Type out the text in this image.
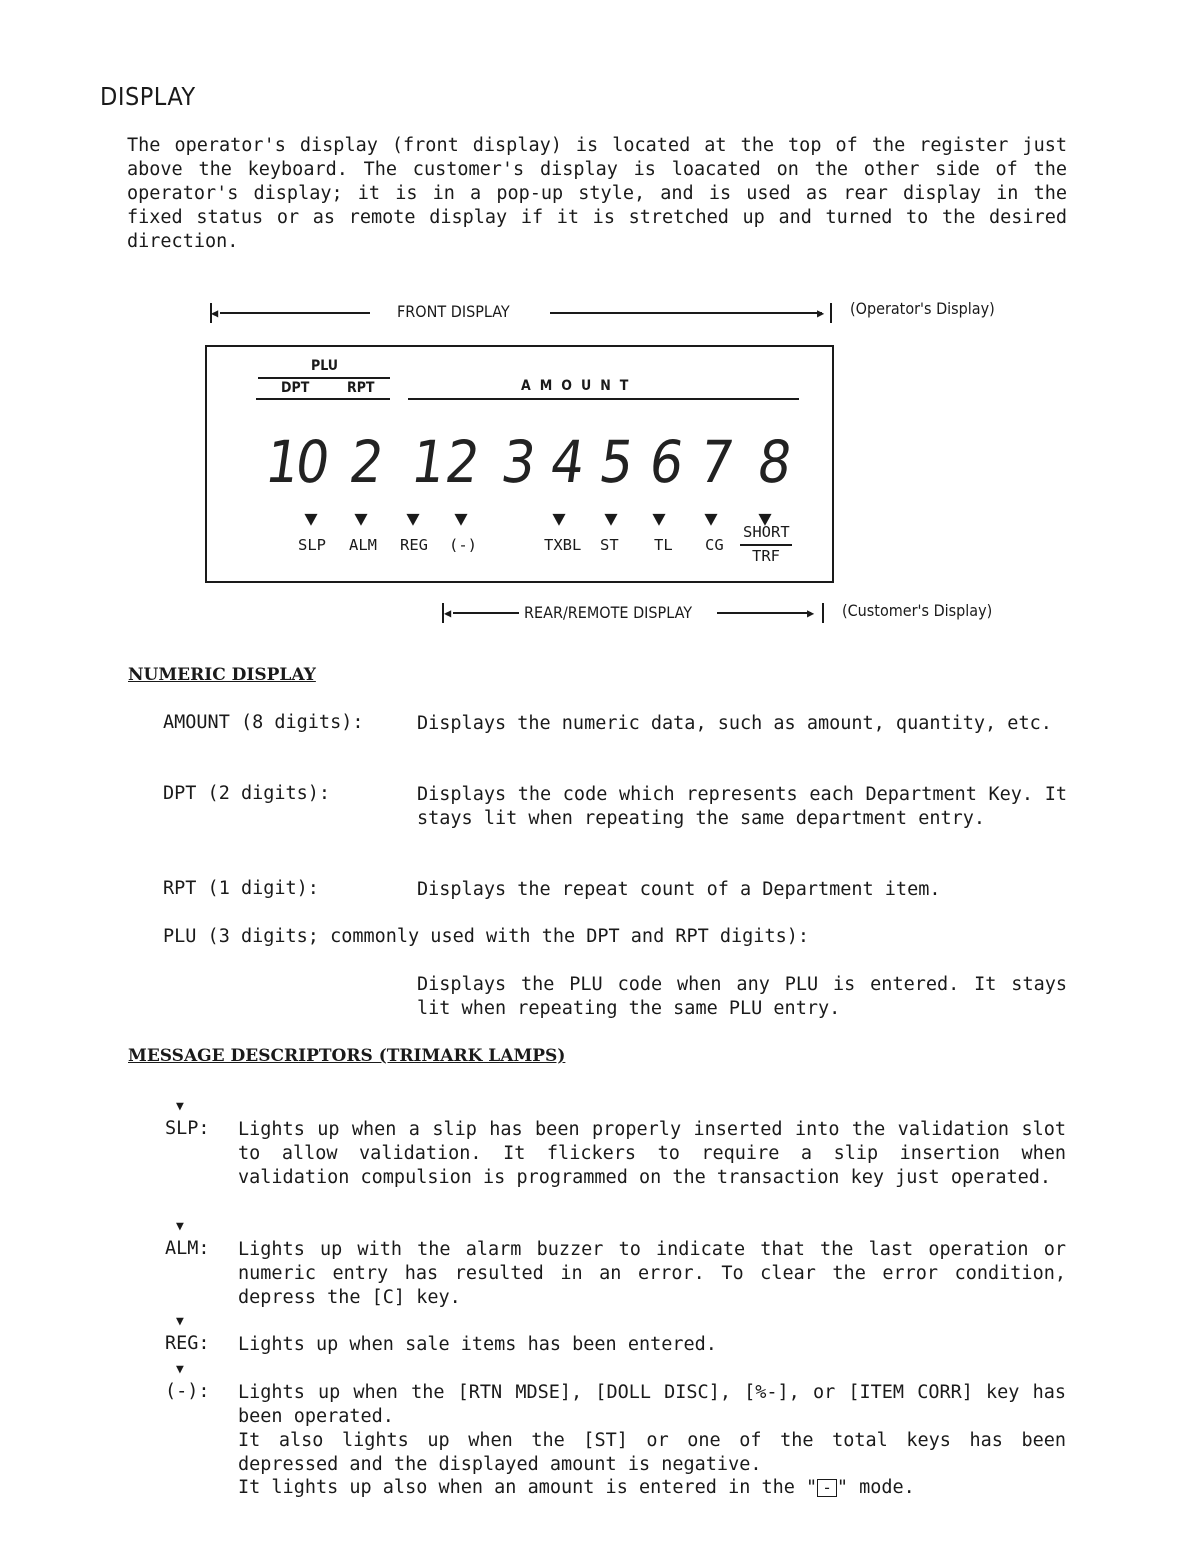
DISPLAY

The operator's display (front display) is located at the top of the register just above the keyboard. The customer's display is loacated on the other side of the operator's display; it is in a pop-up style, and is used as rear display in the fixed status or as remote display if it is stretched up and turned to the desired direction.

◀	▶
FRONT DISPLAY	(Operator's Display)
PLU
DPT	RPT	AMOUNT
1
0 2 1
2 3 4 5 6 7 8
▼ ▼ ▼ ▼	▼ ▼ ▼ ▼ ▼
SLP ALM REG (-)	TXBL ST TL CG
SHORT
TRF
◀	▶
REAR/REMOTE DISPLAY	(Customer's Display)
NUMERIC DISPLAY
AMOUNT (8 digits):	Displays the numeric data, such as amount, quantity, etc.

DPT (2 digits):	Displays the code which represents each Department Key. It stays lit when repeating the same department entry.

RPT (1 digit):	Displays the repeat count of a Department item.

PLU (3 digits; commonly used with the DPT and RPT digits):

Displays the PLU code when any PLU is entered. It stays lit when repeating the same PLU entry.

MESSAGE DESCRIPTORS (TRIMARK LAMPS)
▼
SLP: Lights up when a slip has been properly inserted into the validation slot to allow validation. It flickers to require a slip insertion when validation compulsion is programmed on the transaction key just operated.

▼
ALM: Lights up with the alarm buzzer to indicate that the last operation or numeric entry has resulted in an error. To clear the error condition, depress the [C] key.

▼
REG: Lights up when sale items has been entered.

▼
(-): Lights up when the [RTN MDSE], [DOLL DISC], [%-], or [ITEM CORR] key has been operated.

It also lights up when the [ST] or one of the total keys has been depressed and the displayed amount is negative.

It lights up also when an amount is entered in the " - " mode.
